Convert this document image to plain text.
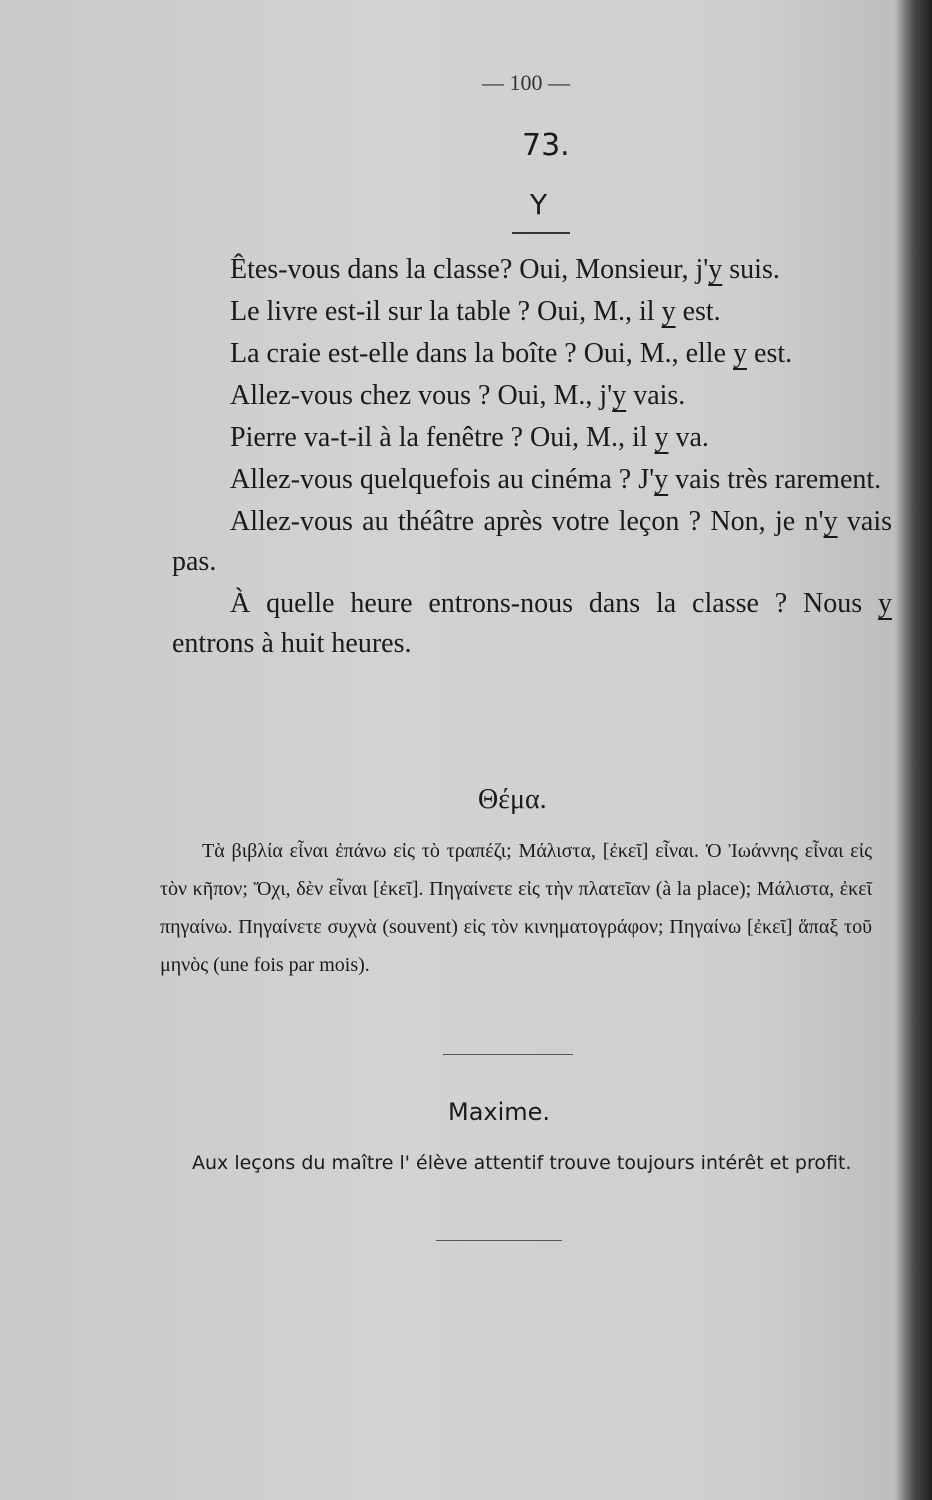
— 100 —
73.
Y

Êtes-vous dans la classe? Oui, Monsieur, j'y suis.

Le livre est-il sur la table ? Oui, M., il y est.

La craie est-elle dans la boîte ? Oui, M., elle y est.

Allez-vous chez vous ? Oui, M., j'y vais.

Pierre va-t-il à la fenêtre ? Oui, M., il y va.

Allez-vous quelquefois au cinéma ? J'y vais très rarement.

Allez-vous au théâtre après votre leçon ? Non, je n'y vais pas.

À quelle heure entrons-nous dans la classe ? Nous y entrons à huit heures.

Θέμα.

Τὰ βιβλία εἶναι ἐπάνω εἰς τὸ τραπέζι; Μάλιστα, [ἐκεῖ] εἶναι. Ὁ Ἰωάννης εἶναι εἰς τὸν κῆπον; Ὄχι, δὲν εἶναι [ἐκεῖ]. Πηγαίνετε εἰς τὴν πλατεῖαν (à la place); Μάλιστα, ἐκεῖ πηγαίνω. Πηγαίνετε συχνὰ (souvent) εἰς τὸν κινηματογράφον; Πηγαίνω [ἐκεῖ] ἅπαξ τοῦ μηνὸς (une fois par mois).

Maxime.

Aux leçons du maître l' élève attentif trouve toujours intérêt et profit.
